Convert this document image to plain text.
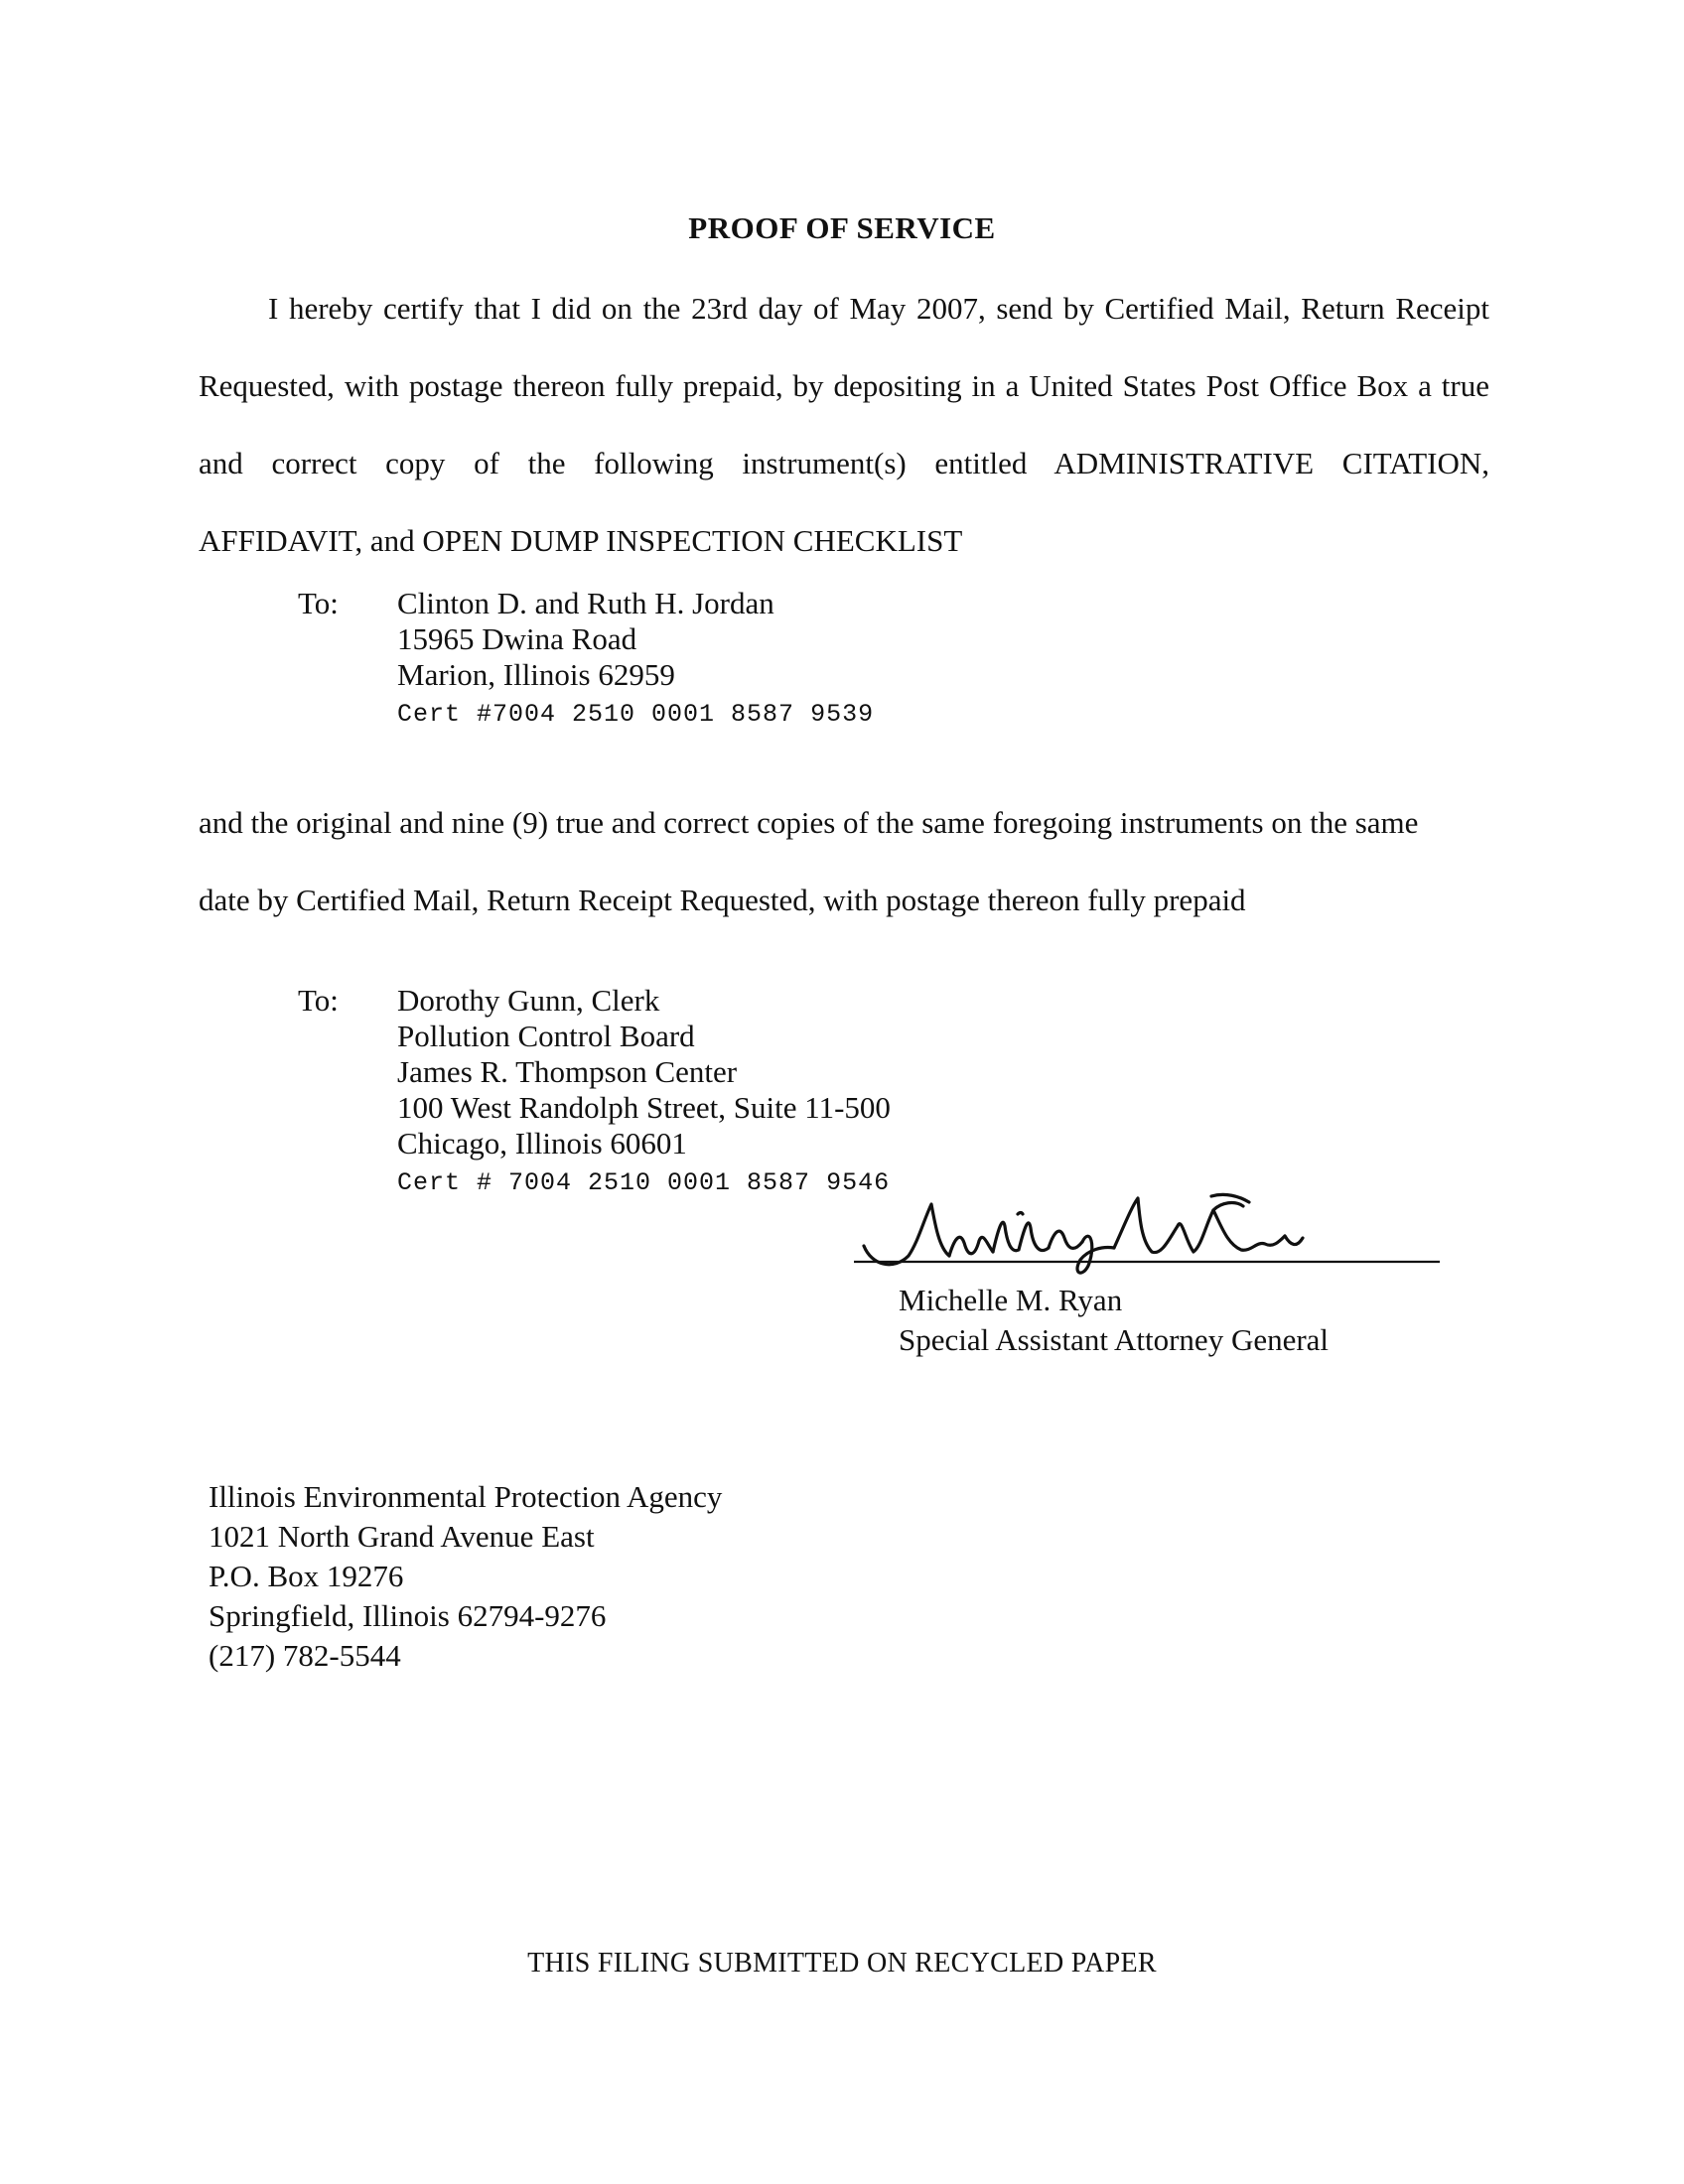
PROOF OF SERVICE
I hereby certify that I did on the 23rd day of May 2007, send by Certified Mail, Return Receipt
Requested, with postage thereon fully prepaid, by depositing in a United States Post Office Box a true
and correct copy of the following instrument(s) entitled ADMINISTRATIVE CITATION,
AFFIDAVIT, and OPEN DUMP INSPECTION CHECKLIST
To: Clinton D. and Ruth H. Jordan
15965 Dwina Road
Marion, Illinois 62959
Cert #7004 2510 0001 8587 9539
and the original and nine (9) true and correct copies of the same foregoing instruments on the same
date by Certified Mail, Return Receipt Requested, with postage thereon fully prepaid
To: Dorothy Gunn, Clerk
Pollution Control Board
James R. Thompson Center
100 West Randolph Street, Suite 11-500
Chicago, Illinois 60601
Cert # 7004 2510 0001 8587 9546
Michelle M. Ryan
Special Assistant Attorney General
Illinois Environmental Protection Agency
1021 North Grand Avenue East
P.O. Box 19276
Springfield, Illinois 62794-9276
(217) 782-5544
THIS FILING SUBMITTED ON RECYCLED PAPER
